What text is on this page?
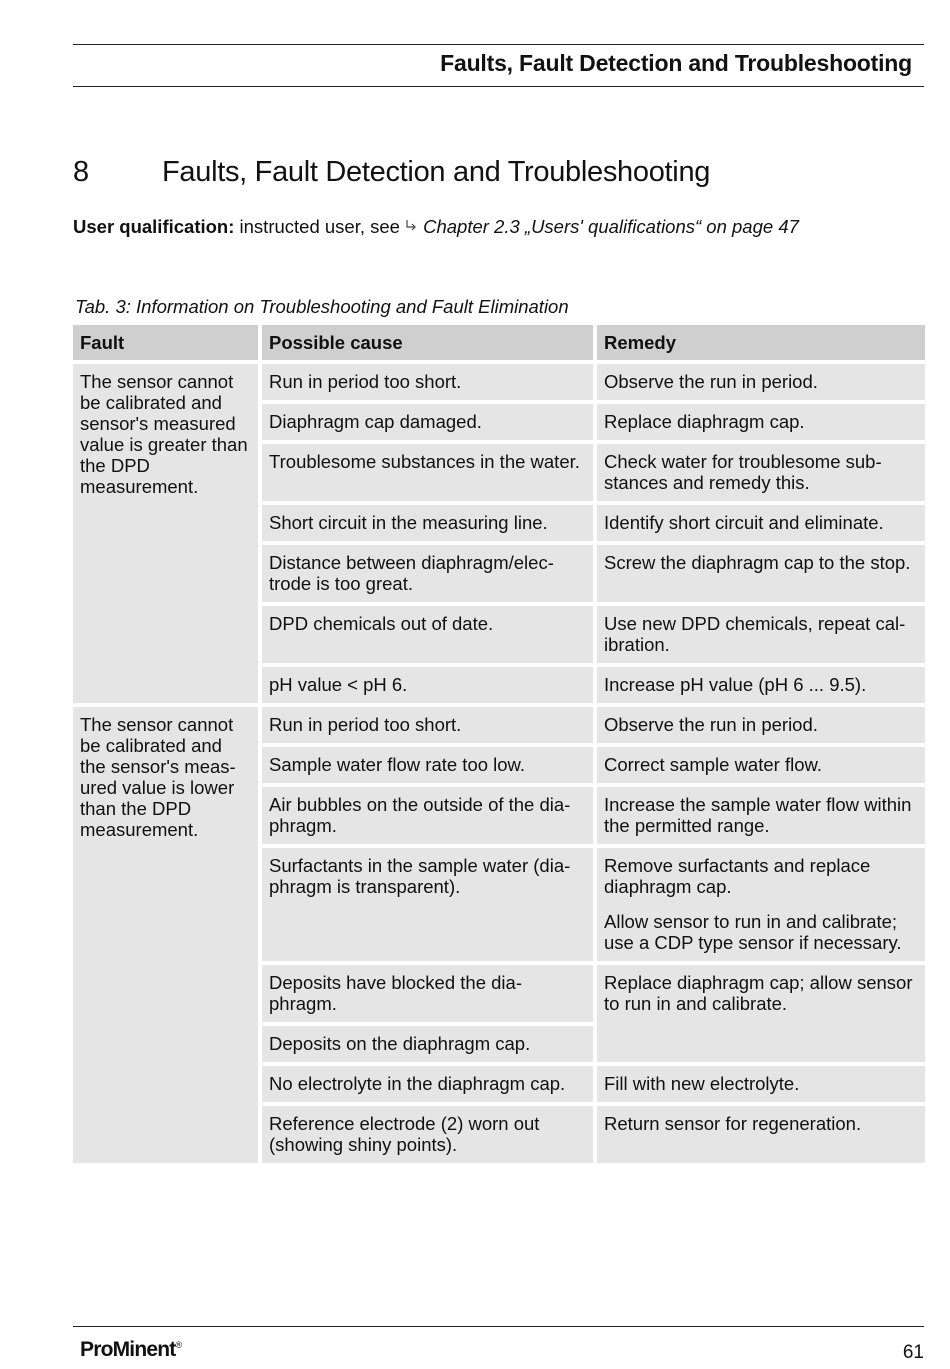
Faults, Fault Detection and Troubleshooting
8	Faults, Fault Detection and Troubleshooting
User qualification: instructed user, see Chapter 2.3 „Users' qualifications“ on page 47
Tab. 3: Information on Troubleshooting and Fault Elimination
Fault	Possible cause	Remedy
The sensor cannot be calibrated and sensor's measured value is greater than the DPD measurement.	Run in period too short.	Observe the run in period.
	Diaphragm cap damaged.	Replace diaphragm cap.
	Troublesome substances in the water.	Check water for troublesome sub-stances and remedy this.
	Short circuit in the measuring line.	Identify short circuit and eliminate.
	Distance between diaphragm/elec-trode is too great.	Screw the diaphragm cap to the stop.
	DPD chemicals out of date.	Use new DPD chemicals, repeat cal-ibration.
	pH value < pH 6.	Increase pH value (pH 6 ... 9.5).
The sensor cannot be calibrated and the sensor's meas-ured value is lower than the DPD measurement.	Run in period too short.	Observe the run in period.
	Sample water flow rate too low.	Correct sample water flow.
	Air bubbles on the outside of the dia-phragm.	Increase the sample water flow within the permitted range.
	Surfactants in the sample water (dia-phragm is transparent).	Remove surfactants and replace diaphragm cap.
Allow sensor to run in and calibrate; use a CDP type sensor if necessary.

	Deposits have blocked the dia-phragm.	Replace diaphragm cap; allow sensor to run in and calibrate.
	Deposits on the diaphragm cap.	
	No electrolyte in the diaphragm cap.	Fill with new electrolyte.
	Reference electrode (2) worn out (showing shiny points).	Return sensor for regeneration.
ProMinent®	61
